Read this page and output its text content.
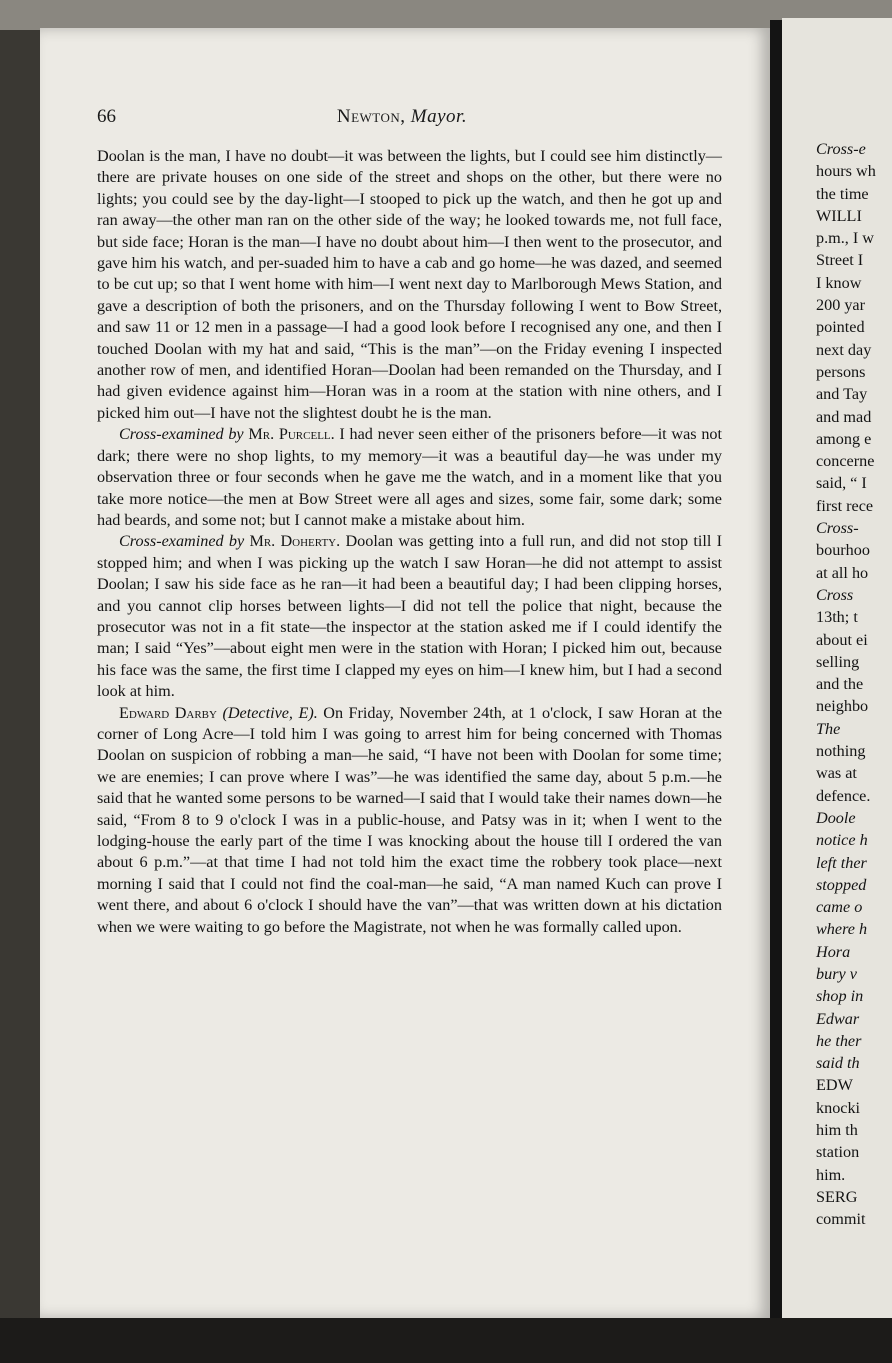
66	Newton, Mayor.

Doolan is the man, I have no doubt—it was between the lights, but I could see him distinctly—there are private houses on one side of the street and shops on the other, but there were no lights; you could see by the day-light—I stooped to pick up the watch, and then he got up and ran away—the other man ran on the other side of the way; he looked towards me, not full face, but side face; Horan is the man—I have no doubt about him—I then went to the prosecutor, and gave him his watch, and per-suaded him to have a cab and go home—he was dazed, and seemed to be cut up; so that I went home with him—I went next day to Marlborough Mews Station, and gave a description of both the prisoners, and on the Thursday following I went to Bow Street, and saw 11 or 12 men in a passage—I had a good look before I recognised any one, and then I touched Doolan with my hat and said, “This is the man”—on the Friday evening I inspected another row of men, and identified Horan—Doolan had been remanded on the Thursday, and I had given evidence against him—Horan was in a room at the station with nine others, and I picked him out—I have not the slightest doubt he is the man.

Cross-examined by Mr. Purcell. I had never seen either of the prisoners before—it was not dark; there were no shop lights, to my memory—it was a beautiful day—he was under my observation three or four seconds when he gave me the watch, and in a moment like that you take more notice—the men at Bow Street were all ages and sizes, some fair, some dark; some had beards, and some not; but I cannot make a mistake about him.

Cross-examined by Mr. Doherty. Doolan was getting into a full run, and did not stop till I stopped him; and when I was picking up the watch I saw Horan—he did not attempt to assist Doolan; I saw his side face as he ran—it had been a beautiful day; I had been clipping horses, and you cannot clip horses between lights—I did not tell the police that night, because the prosecutor was not in a fit state—the inspector at the station asked me if I could identify the man; I said “Yes”—about eight men were in the station with Horan; I picked him out, because his face was the same, the first time I clapped my eyes on him—I knew him, but I had a second look at him.

Edward Darby (Detective, E). On Friday, November 24th, at 1 o'clock, I saw Horan at the corner of Long Acre—I told him I was going to arrest him for being concerned with Thomas Doolan on suspicion of robbing a man—he said, “I have not been with Doolan for some time; we are enemies; I can prove where I was”—he was identified the same day, about 5 p.m.—he said that he wanted some persons to be warned—I said that I would take their names down—he said, “From 8 to 9 o'clock I was in a public-house, and Patsy was in it; when I went to the lodging-house the early part of the time I was knocking about the house till I ordered the van about 6 p.m.”—at that time I had not told him the exact time the robbery took place—next morning I said that I could not find the coal-man—he said, “A man named Kuch can prove I went there, and about 6 o'clock I should have the van”—that was written down at his dictation when we were waiting to go before the Magistrate, not when he was formally called upon.

Cross-e
hours wh
the time
WILLI
p.m., I w
Street I
I know
200 yar
pointed
next day
persons
and Tay
and mad
among e
concerne
said, “ I
first rece
Cross-
bourhoo
at all ho
Cross
13th; t
about ei
selling
and the
neighbo
The
nothing
was at
defence.
Doole
notice h
left ther
stopped
came o
where h
Hora
bury v
shop in
Edwar
he ther
said th
EDW
knocki
him th
station
him.
SERG
commit
